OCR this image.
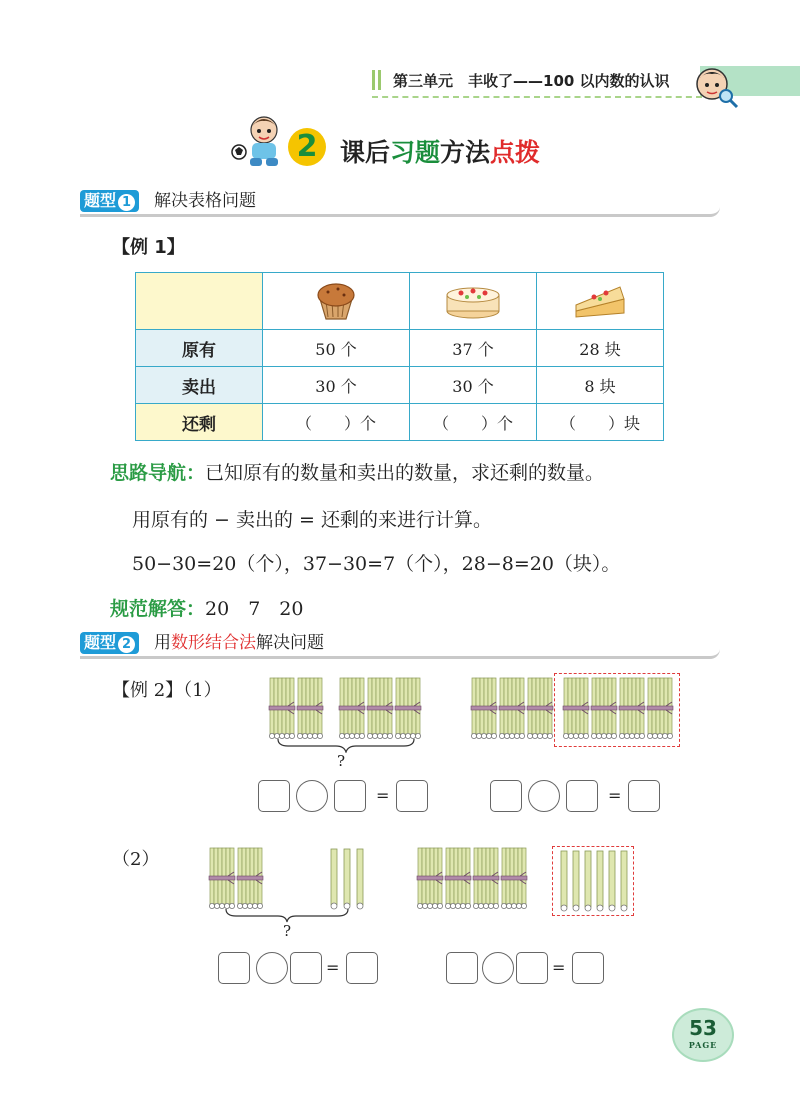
第三单元　丰收了——100 以内数的认识
2 课后习题方法点拨
题型 1	解决表格问题
【例 1】

原有	50 个	37 个	28 块
卖出	30 个	30 个	8 块
还剩	（　　）个	（　　）个	（　　）块
思路导航：已知原有的数量和卖出的数量，求还剩的数量。
用原有的 − 卖出的 = 还剩的来进行计算。
50−30=20（个），37−30=7（个），28−8=20（块）。
规范解答：20　7　20
题型 2	用数形结合法解决问题
【例 2】（1）
（2）
?
?
=	=
=	=
53
PAGE
